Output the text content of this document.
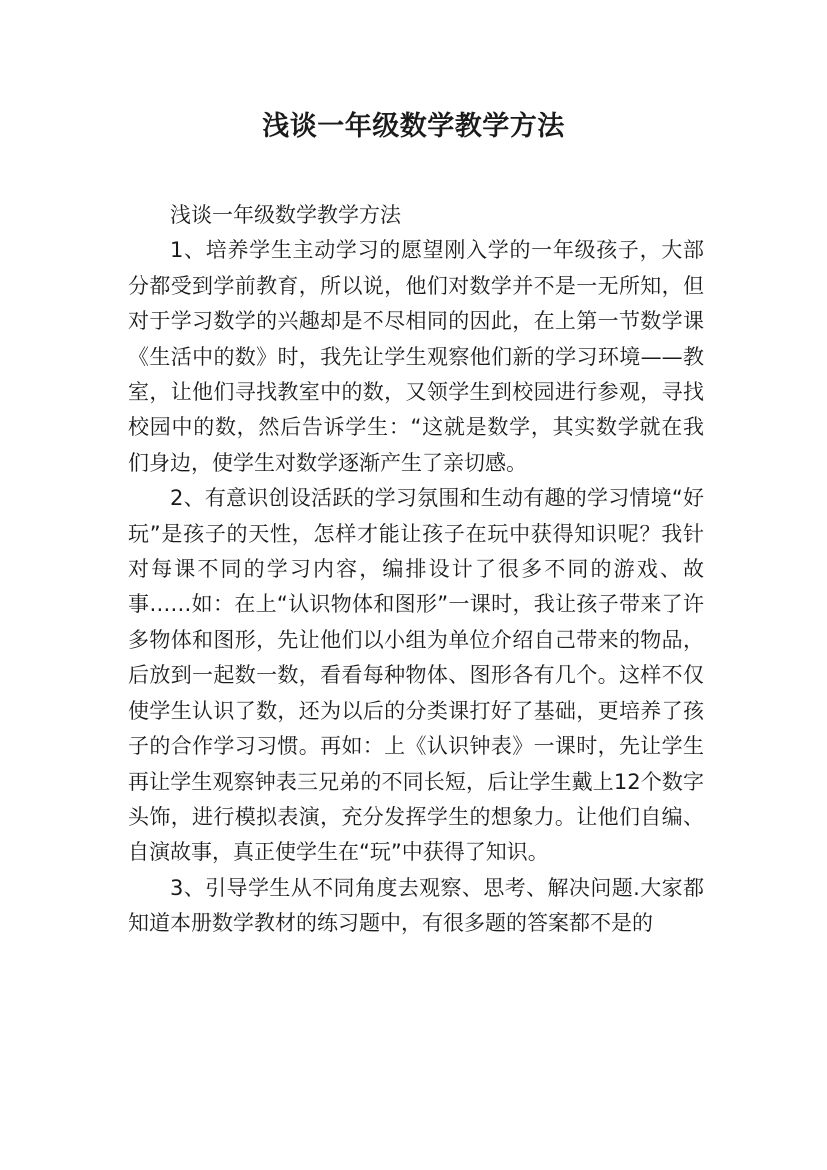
浅谈一年级数学教学方法

浅谈一年级数学教学方法

1、培养学生主动学习的愿望刚入学的一年级孩子，大部分都受到学前教育，所以说，他们对数学并不是一无所知，但对于学习数学的兴趣却是不尽相同的因此，在上第一节数学课《生活中的数》时，我先让学生观察他们新的学习环境——教室，让他们寻找教室中的数，又领学生到校园进行参观，寻找校园中的数，然后告诉学生：“这就是数学，其实数学就在我们身边，使学生对数学逐渐产生了亲切感。

2、有意识创设活跃的学习氛围和生动有趣的学习情境“好玩”是孩子的天性，怎样才能让孩子在玩中获得知识呢？我针对每课不同的学习内容，编排设计了很多不同的游戏、故事……如：在上“认识物体和图形”一课时，我让孩子带来了许多物体和图形，先让他们以小组为单位介绍自己带来的物品，后放到一起数一数，看看每种物体、图形各有几个。这样不仅使学生认识了数，还为以后的分类课打好了基础，更培养了孩子的合作学习习惯。再如：上《认识钟表》一课时，先让学生再让学生观察钟表三兄弟的不同长短，后让学生戴上12个数字头饰，进行模拟表演，充分发挥学生的想象力。让他们自编、自演故事，真正使学生在“玩”中获得了知识。

3、引导学生从不同角度去观察、思考、解决问题.大家都知道本册数学教材的练习题中，有很多题的答案都不是的
